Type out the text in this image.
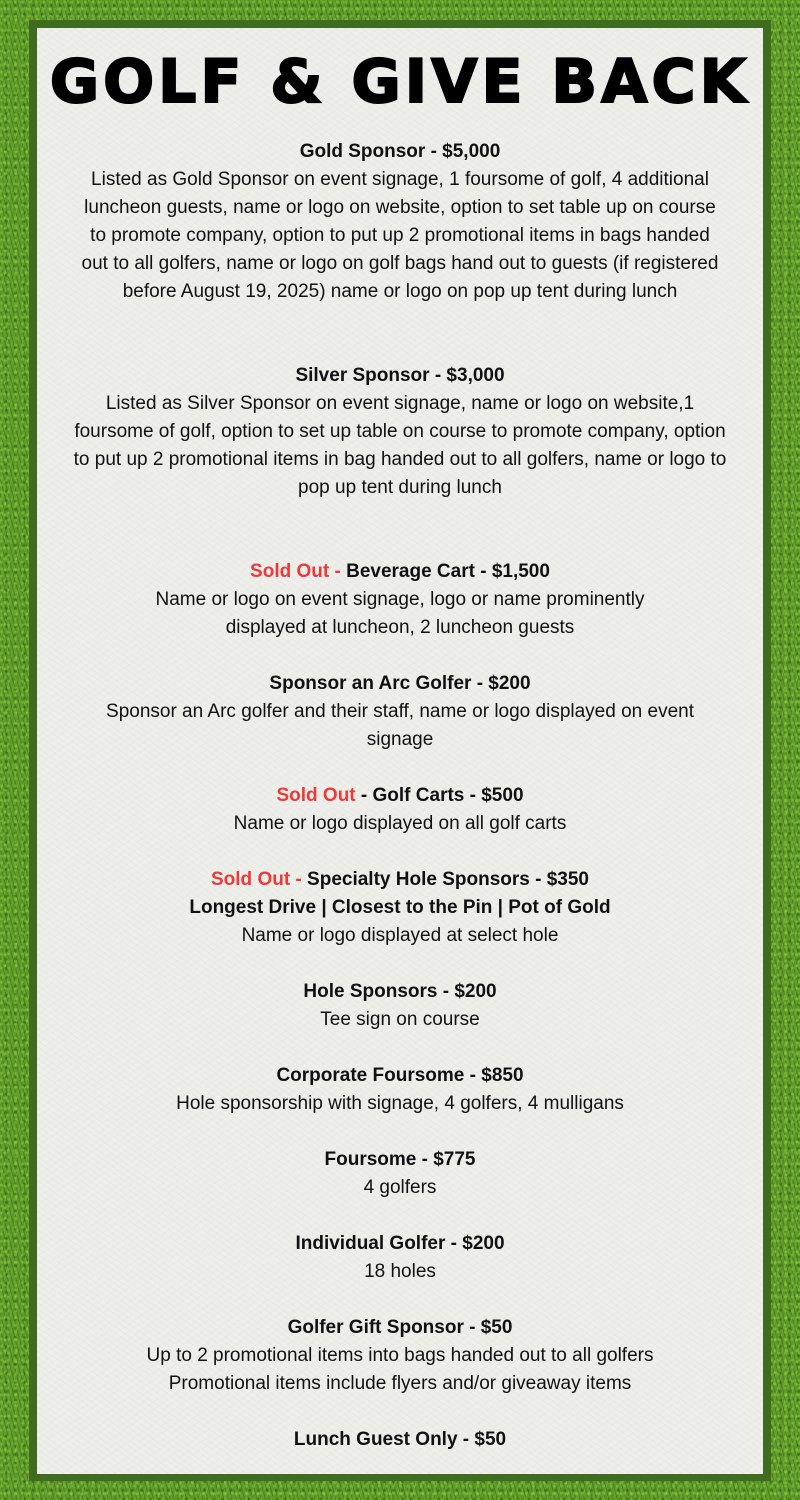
GOLF & GIVE BACK
Gold Sponsor - $5,000
Listed as Gold Sponsor on event signage, 1 foursome of golf, 4 additional luncheon guests, name or logo on website, option to set table up on course to promote company, option to put up 2 promotional items in bags handed out to all golfers, name or logo on golf bags hand out to guests (if registered before August 19, 2025) name or logo on pop up tent during lunch
Silver Sponsor - $3,000
Listed as Silver Sponsor on event signage, name or logo on website,1 foursome of golf, option to set up table on course to promote company, option to put up 2 promotional items in bag handed out to all golfers, name or logo to pop up tent during lunch
Sold Out - Beverage Cart - $1,500
Name or logo on event signage, logo or name prominently displayed at luncheon, 2 luncheon guests
Sponsor an Arc Golfer - $200
Sponsor an Arc golfer and their staff, name or logo displayed on event signage
Sold Out - Golf Carts - $500
Name or logo displayed on all golf carts
Sold Out - Specialty Hole Sponsors - $350
Longest Drive | Closest to the Pin | Pot of Gold
Name or logo displayed at select hole
Hole Sponsors - $200
Tee sign on course
Corporate Foursome - $850
Hole sponsorship with signage, 4 golfers, 4 mulligans
Foursome - $775
4 golfers
Individual Golfer - $200
18 holes
Golfer Gift Sponsor - $50
Up to 2 promotional items into bags handed out to all golfers
Promotional items include flyers and/or giveaway items
Lunch Guest Only - $50
